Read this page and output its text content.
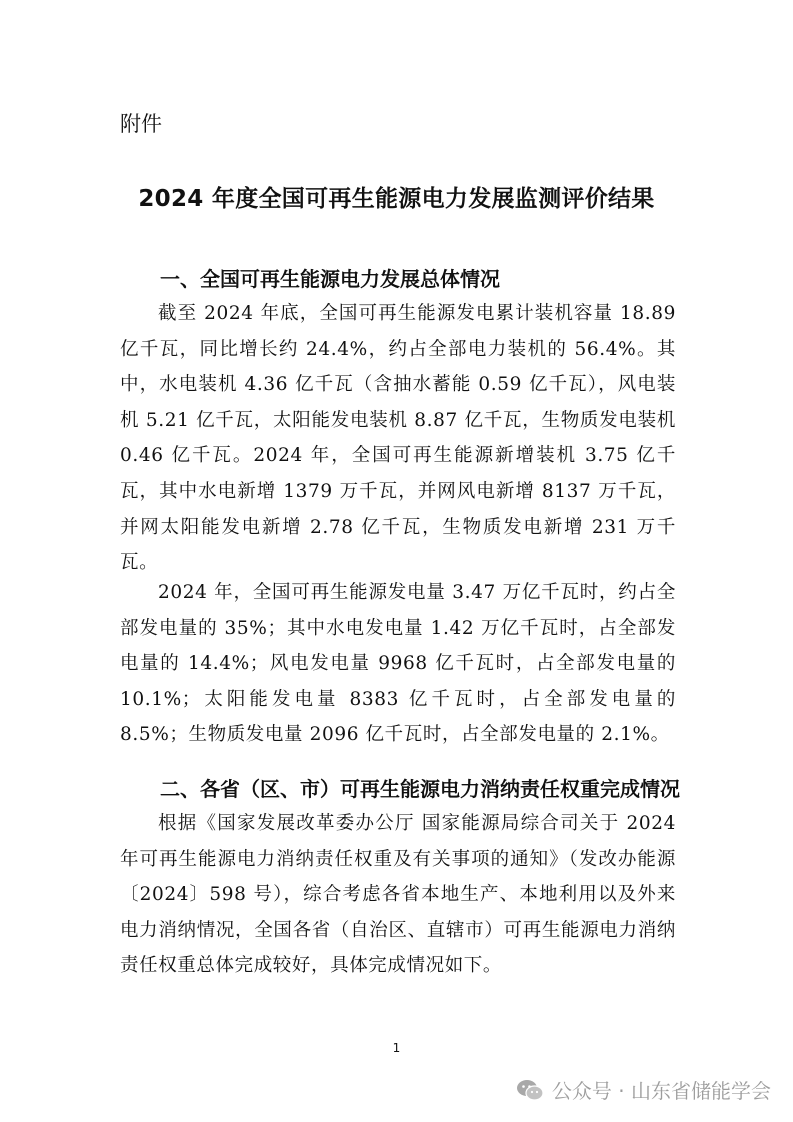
附件
2024 年度全国可再生能源电力发展监测评价结果
一、全国可再生能源电力发展总体情况

截至 2024 年底，全国可再生能源发电累计装机容量 18.89 亿千瓦，同比增长约 24.4%，约占全部电力装机的 56.4%。其中，水电装机 4.36 亿千瓦（含抽水蓄能 0.59 亿千瓦），风电装机 5.21 亿千瓦，太阳能发电装机 8.87 亿千瓦，生物质发电装机 0.46 亿千瓦。2024 年，全国可再生能源新增装机 3.75 亿千瓦，其中水电新增 1379 万千瓦，并网风电新增 8137 万千瓦，并网太阳能发电新增 2.78 亿千瓦，生物质发电新增 231 万千瓦。

2024 年，全国可再生能源发电量 3.47 万亿千瓦时，约占全部发电量的 35%；其中水电发电量 1.42 万亿千瓦时，占全部发电量的 14.4%；风电发电量 9968 亿千瓦时，占全部发电量的 10.1%；太阳能发电量 8383 亿千瓦时，占全部发电量的 8.5%；生物质发电量 2096 亿千瓦时，占全部发电量的 2.1%。

二、各省（区、市）可再生能源电力消纳责任权重完成情况

根据《国家发展改革委办公厅 国家能源局综合司关于 2024 年可再生能源电力消纳责任权重及有关事项的通知》（发改办能源〔2024〕598 号），综合考虑各省本地生产、本地利用以及外来电力消纳情况，全国各省（自治区、直辖市）可再生能源电力消纳责任权重总体完成较好，具体完成情况如下。

1
公众号 · 山东省储能学会
